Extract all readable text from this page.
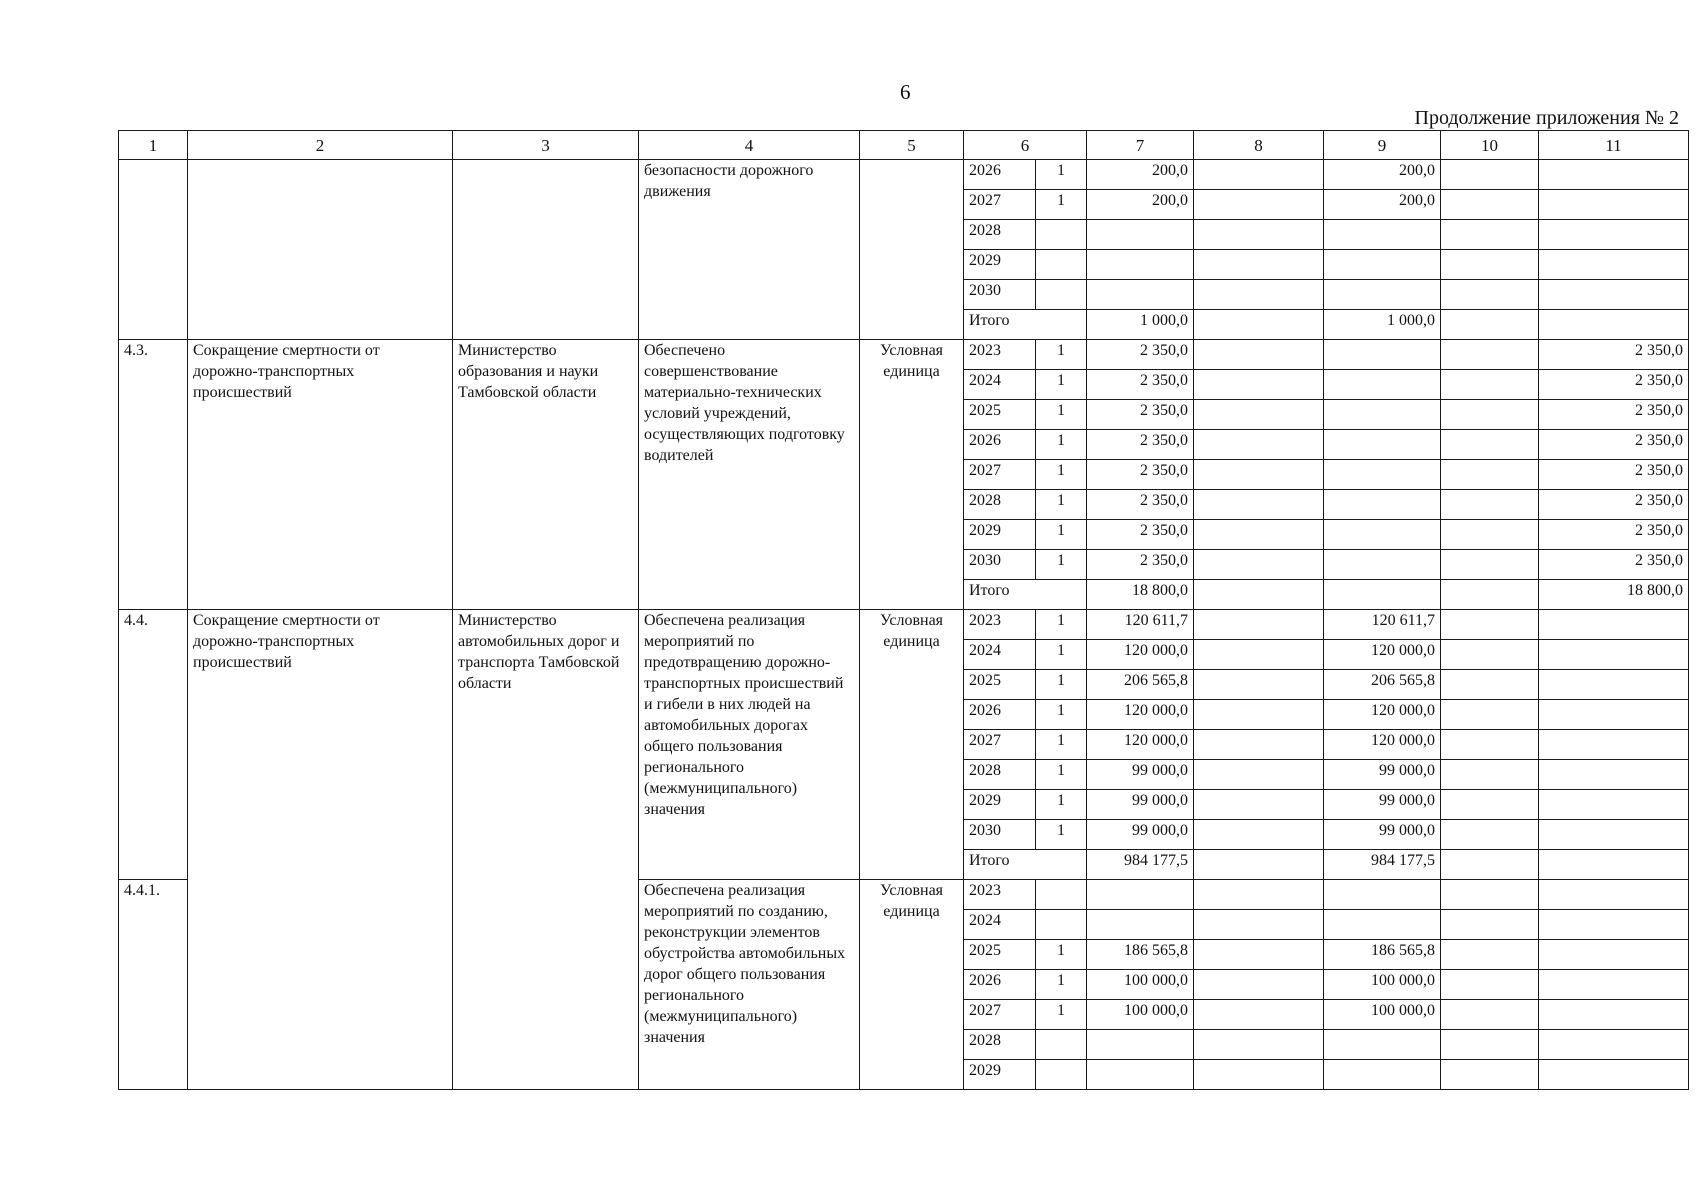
6
Продолжение приложения № 2
1	2	3	4	5	6		7	8	9	10	11
			безопасности дорожного движения		2026	1	200,0		200,0		
					2027	1	200,0		200,0		
					2028						
					2029						
					2030						
					Итого		1 000,0		1 000,0		
4.3.	Сокращение смертности от дорожно-транспортных происшествий	Министерство образования и науки Тамбовской области	Обеспечено совершенствование материально-технических условий учреждений, осуществляющих подготовку водителей	Условная единица	2023	1	2 350,0				2 350,0
					2024	1	2 350,0				2 350,0
					2025	1	2 350,0				2 350,0
					2026	1	2 350,0				2 350,0
					2027	1	2 350,0				2 350,0
					2028	1	2 350,0				2 350,0
					2029	1	2 350,0				2 350,0
					2030	1	2 350,0				2 350,0
					Итого		18 800,0				18 800,0
4.4.	Сокращение смертности от дорожно-транспортных происшествий	Министерство автомобильных дорог и транспорта Тамбовской области	Обеспечена реализация мероприятий по предотвращению дорожно-транспортных происшествий и гибели в них людей на автомобильных дорогах общего пользования регионального (межмуниципального) значения	Условная единица	2023	1	120 611,7		120 611,7		
					2024	1	120 000,0		120 000,0		
					2025	1	206 565,8		206 565,8		
					2026	1	120 000,0		120 000,0		
					2027	1	120 000,0		120 000,0		
					2028	1	99 000,0		99 000,0		
					2029	1	99 000,0		99 000,0		
					2030	1	99 000,0		99 000,0		
					Итого		984 177,5		984 177,5		
4.4.1.			Обеспечена реализация мероприятий по созданию, реконструкции элементов обустройства автомобильных дорог общего пользования регионального (межмуниципального) значения	Условная единица	2023						
					2024						
					2025	1	186 565,8		186 565,8		
					2026	1	100 000,0		100 000,0		
					2027	1	100 000,0		100 000,0		
					2028						
					2029						
